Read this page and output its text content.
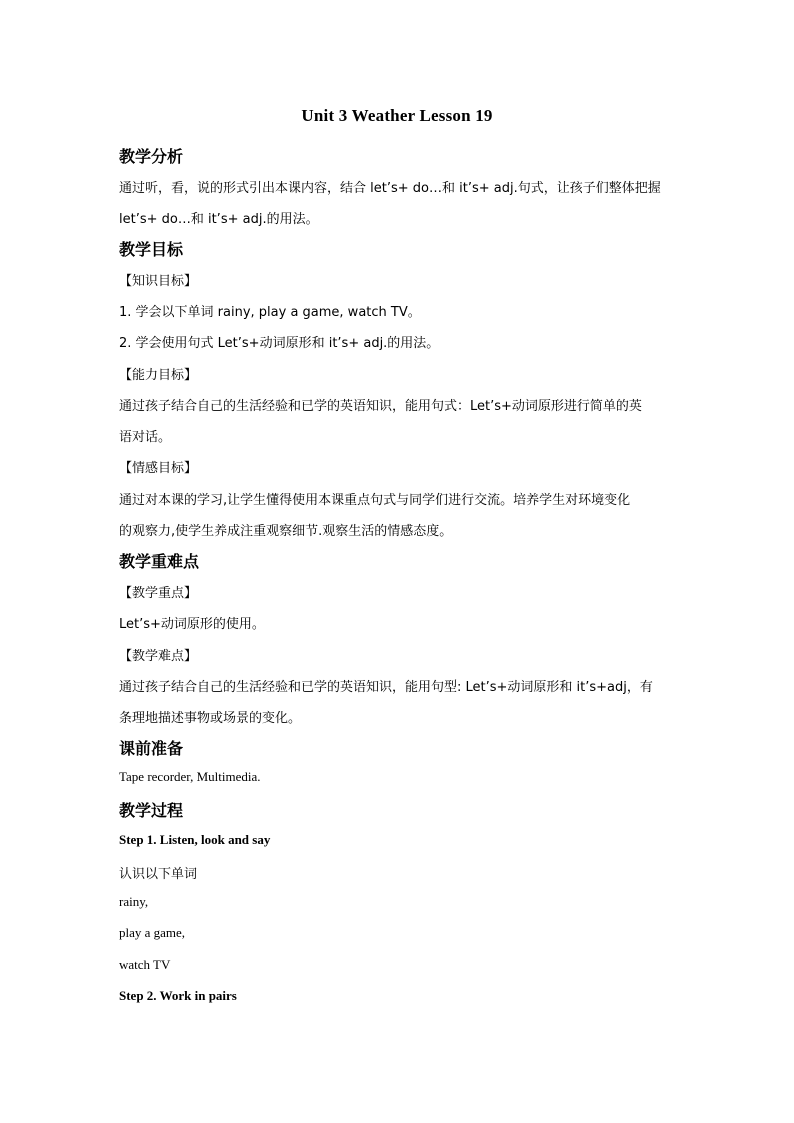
Unit 3 Weather Lesson 19
教学分析
通过听，看，说的形式引出本课内容，结合 let’s+ do…和 it’s+ adj.句式，让孩子们整体把握
let’s+ do…和 it’s+ adj.的用法。
教学目标
【知识目标】
1. 学会以下单词 rainy, play a game, watch TV。
2. 学会使用句式 Let’s+动词原形和 it’s+ adj.的用法。
【能力目标】
通过孩子结合自己的生活经验和已学的英语知识，能用句式：Let’s+动词原形进行简单的英
语对话。
【情感目标】
通过对本课的学习,让学生懂得使用本课重点句式与同学们进行交流。培养学生对环境变化
的观察力,使学生养成注重观察细节.观察生活的情感态度。
教学重难点
【教学重点】
Let’s+动词原形的使用。
【教学难点】
通过孩子结合自己的生活经验和已学的英语知识，能用句型: Let’s+动词原形和 it’s+adj，有
条理地描述事物或场景的变化。
课前准备
Tape recorder, Multimedia.
教学过程
Step 1. Listen, look and say
认识以下单词
rainy,
play a game,
watch TV
Step 2. Work in pairs
